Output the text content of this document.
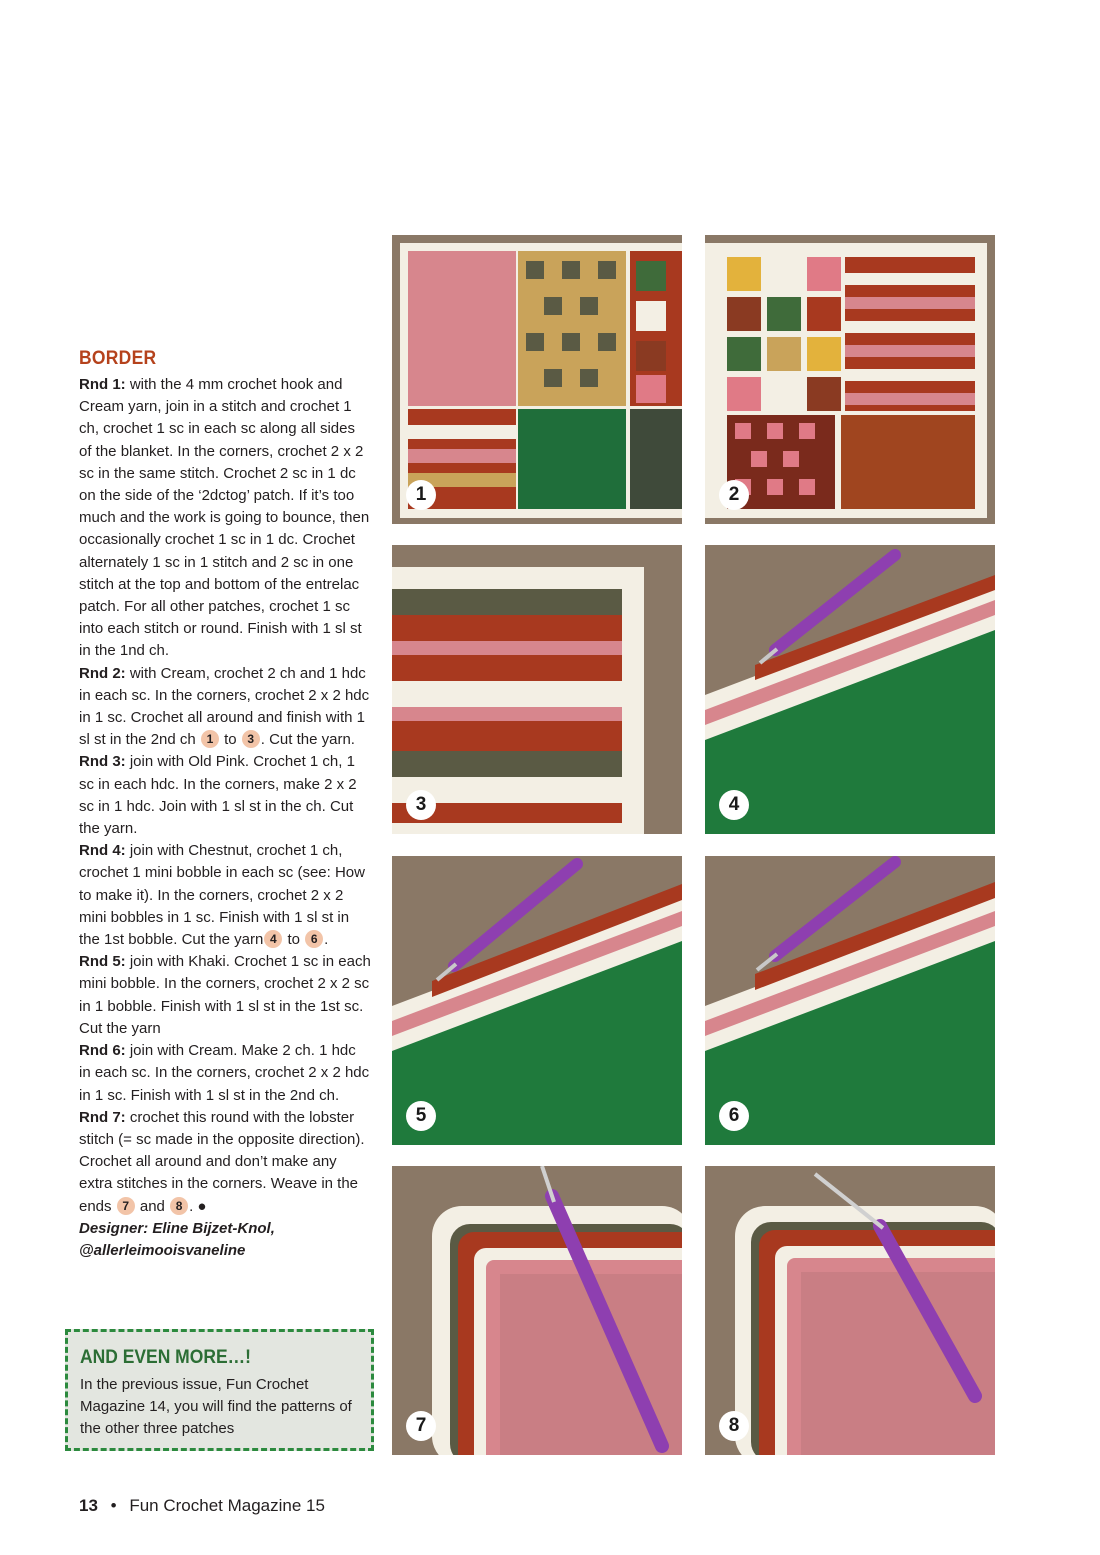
BORDER

Rnd 1: with the 4 mm crochet hook and Cream yarn, join in a stitch and crochet 1 ch, crochet 1 sc in each sc along all sides of the blanket. In the corners, crochet 2 x 2 sc in the same stitch. Crochet 2 sc in 1 dc on the side of the ‘2dctog’ patch. If it’s too much and the work is going to bounce, then occasionally crochet 1 sc in 1 dc. Crochet alternately 1 sc in 1 stitch and 2 sc in one stitch at the top and bottom of the entrelac patch. For all other patches, crochet 1 sc into each stitch or round. Finish with 1 sl st in the 1nd ch.

Rnd 2: with Cream, crochet 2 ch and 1 hdc in each sc. In the corners, crochet 2 x 2 hdc in 1 sc. Crochet all around and finish with 1 sl st in the 2nd ch 1 to 3 . Cut the yarn.

Rnd 3: join with Old Pink. Crochet 1 ch, 1 sc in each hdc. In the corners, make 2 x 2 sc in 1 hdc. Join with 1 sl st in the ch. Cut the yarn.

Rnd 4: join with Chestnut, crochet 1 ch, crochet 1 mini bobble in each sc (see: How to make it). In the corners, crochet 2 x 2 mini bobbles in 1 sc. Finish with 1 sl st in the 1st bobble. Cut the yarn 4 to 6 .

Rnd 5: join with Khaki. Crochet 1 sc in each mini bobble. In the corners, crochet 2 x 2 sc in 1 bobble. Finish with 1 sl st in the 1st sc. Cut the yarn

Rnd 6: join with Cream. Make 2 ch. 1 hdc in each sc. In the corners, crochet 2 x 2 hdc in 1 sc. Finish with 1 sl st in the 2nd ch.

Rnd 7: crochet this round with the lobster stitch (= sc made in the opposite direction). Crochet all around and don’t make any extra stitches in the corners. Weave in the ends 7 and 8 . ●

Designer: Eline Bijzet-Knol,
@allerleimooisvaneline
AND EVEN MORE…!
In the previous issue, Fun Crochet Magazine 14, you will find the patterns of the other three patches
13 • Fun Crochet Magazine 15
1	2
3	4
5	6
7	8
